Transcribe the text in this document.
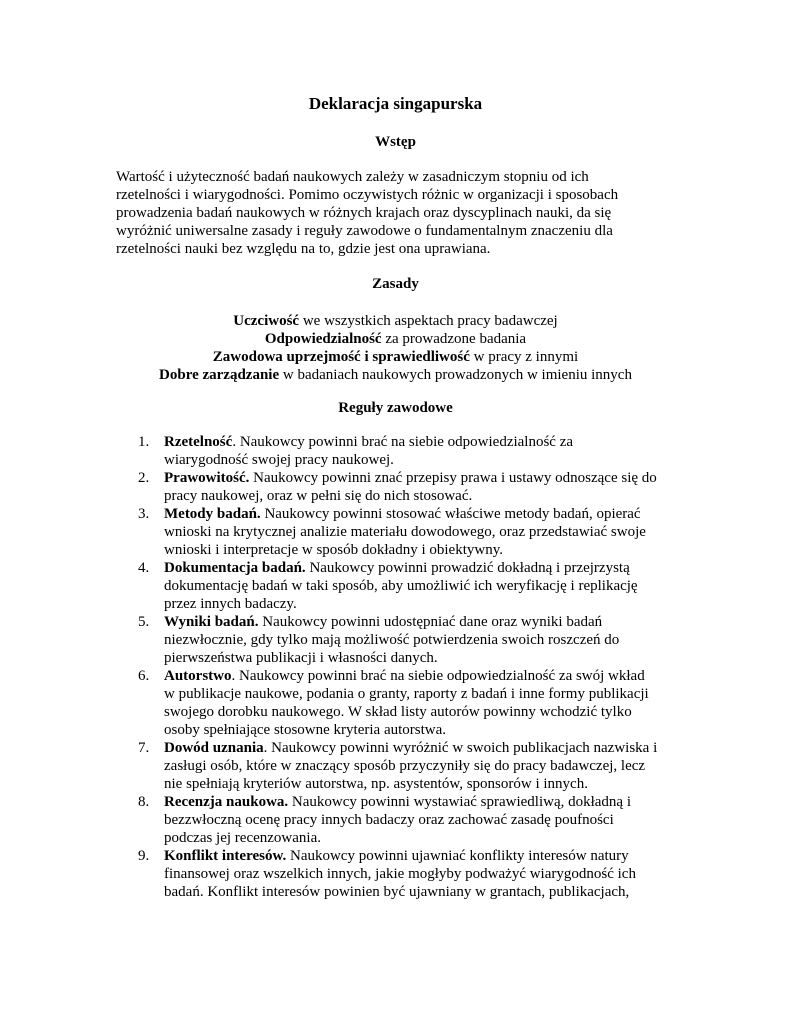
Deklaracja singapurska
Wstęp
Wartość i użyteczność badań naukowych zależy w zasadniczym stopniu od ich
rzetelności i wiarygodności. Pomimo oczywistych różnic w organizacji i sposobach
prowadzenia badań naukowych w różnych krajach oraz dyscyplinach nauki, da się
wyróżnić uniwersalne zasady i reguły zawodowe o fundamentalnym znaczeniu dla
rzetelności nauki bez względu na to, gdzie jest ona uprawiana.
Zasady
Uczciwość we wszystkich aspektach pracy badawczej
Odpowiedzialność za prowadzone badania
Zawodowa uprzejmość i sprawiedliwość w pracy z innymi
Dobre zarządzanie w badaniach naukowych prowadzonych w imieniu innych
Reguły zawodowe
1. Rzetelność. Naukowcy powinni brać na siebie odpowiedzialność za
wiarygodność swojej pracy naukowej.
2. Prawowitość. Naukowcy powinni znać przepisy prawa i ustawy odnoszące się do
pracy naukowej, oraz w pełni się do nich stosować.
3. Metody badań. Naukowcy powinni stosować właściwe metody badań, opierać
wnioski na krytycznej analizie materiału dowodowego, oraz przedstawiać swoje
wnioski i interpretacje w sposób dokładny i obiektywny.
4. Dokumentacja badań. Naukowcy powinni prowadzić dokładną i przejrzystą
dokumentację badań w taki sposób, aby umożliwić ich weryfikację i replikację
przez innych badaczy.
5. Wyniki badań. Naukowcy powinni udostępniać dane oraz wyniki badań
niezwłocznie, gdy tylko mają możliwość potwierdzenia swoich roszczeń do
pierwszeństwa publikacji i własności danych.
6. Autorstwo. Naukowcy powinni brać na siebie odpowiedzialność za swój wkład
w publikacje naukowe, podania o granty, raporty z badań i inne formy publikacji
swojego dorobku naukowego. W skład listy autorów powinny wchodzić tylko
osoby spełniające stosowne kryteria autorstwa.
7. Dowód uznania. Naukowcy powinni wyróżnić w swoich publikacjach nazwiska i
zasługi osób, które w znaczący sposób przyczyniły się do pracy badawczej, lecz
nie spełniają kryteriów autorstwa, np. asystentów, sponsorów i innych.
8. Recenzja naukowa. Naukowcy powinni wystawiać sprawiedliwą, dokładną i
bezzwłoczną ocenę pracy innych badaczy oraz zachować zasadę poufności
podczas jej recenzowania.
9. Konflikt interesów. Naukowcy powinni ujawniać konflikty interesów natury
finansowej oraz wszelkich innych, jakie mogłyby podważyć wiarygodność ich
badań. Konflikt interesów powinien być ujawniany w grantach, publikacjach,
